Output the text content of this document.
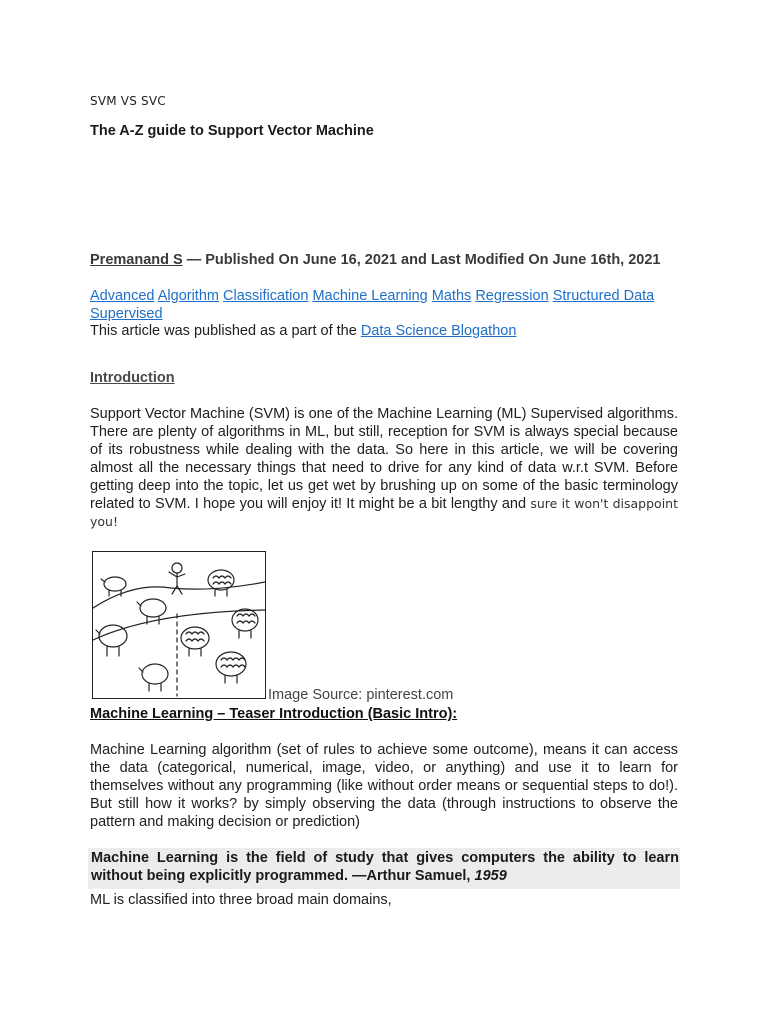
SVM VS SVC
The A-Z guide to Support Vector Machine
Premanand S — Published On June 16, 2021 and Last Modified On June 16th, 2021
Advanced Algorithm Classification Machine Learning Maths Regression Structured Data Supervised
This article was published as a part of the Data Science Blogathon
Introduction
Support Vector Machine (SVM) is one of the Machine Learning (ML) Supervised algorithms. There are plenty of algorithms in ML, but still, reception for SVM is always special because of its robustness while dealing with the data. So here in this article, we will be covering almost all the necessary things that need to drive for any kind of data w.r.t SVM. Before getting deep into the topic, let us get wet by brushing up on some of the basic terminology related to SVM. I hope you will enjoy it! It might be a bit lengthy and sure it won't disappoint you!
Image Source: pinterest.com
Machine Learning – Teaser Introduction (Basic Intro):
Machine Learning algorithm (set of rules to achieve some outcome), means it can access the data (categorical, numerical, image, video, or anything) and use it to learn for themselves without any programming (like without order means or sequential steps to do!). But still how it works? by simply observing the data (through instructions to observe the pattern and making decision or prediction)
Machine Learning is the field of study that gives computers the ability to learn without being explicitly programmed. —Arthur Samuel, 1959
ML is classified into three broad main domains,
